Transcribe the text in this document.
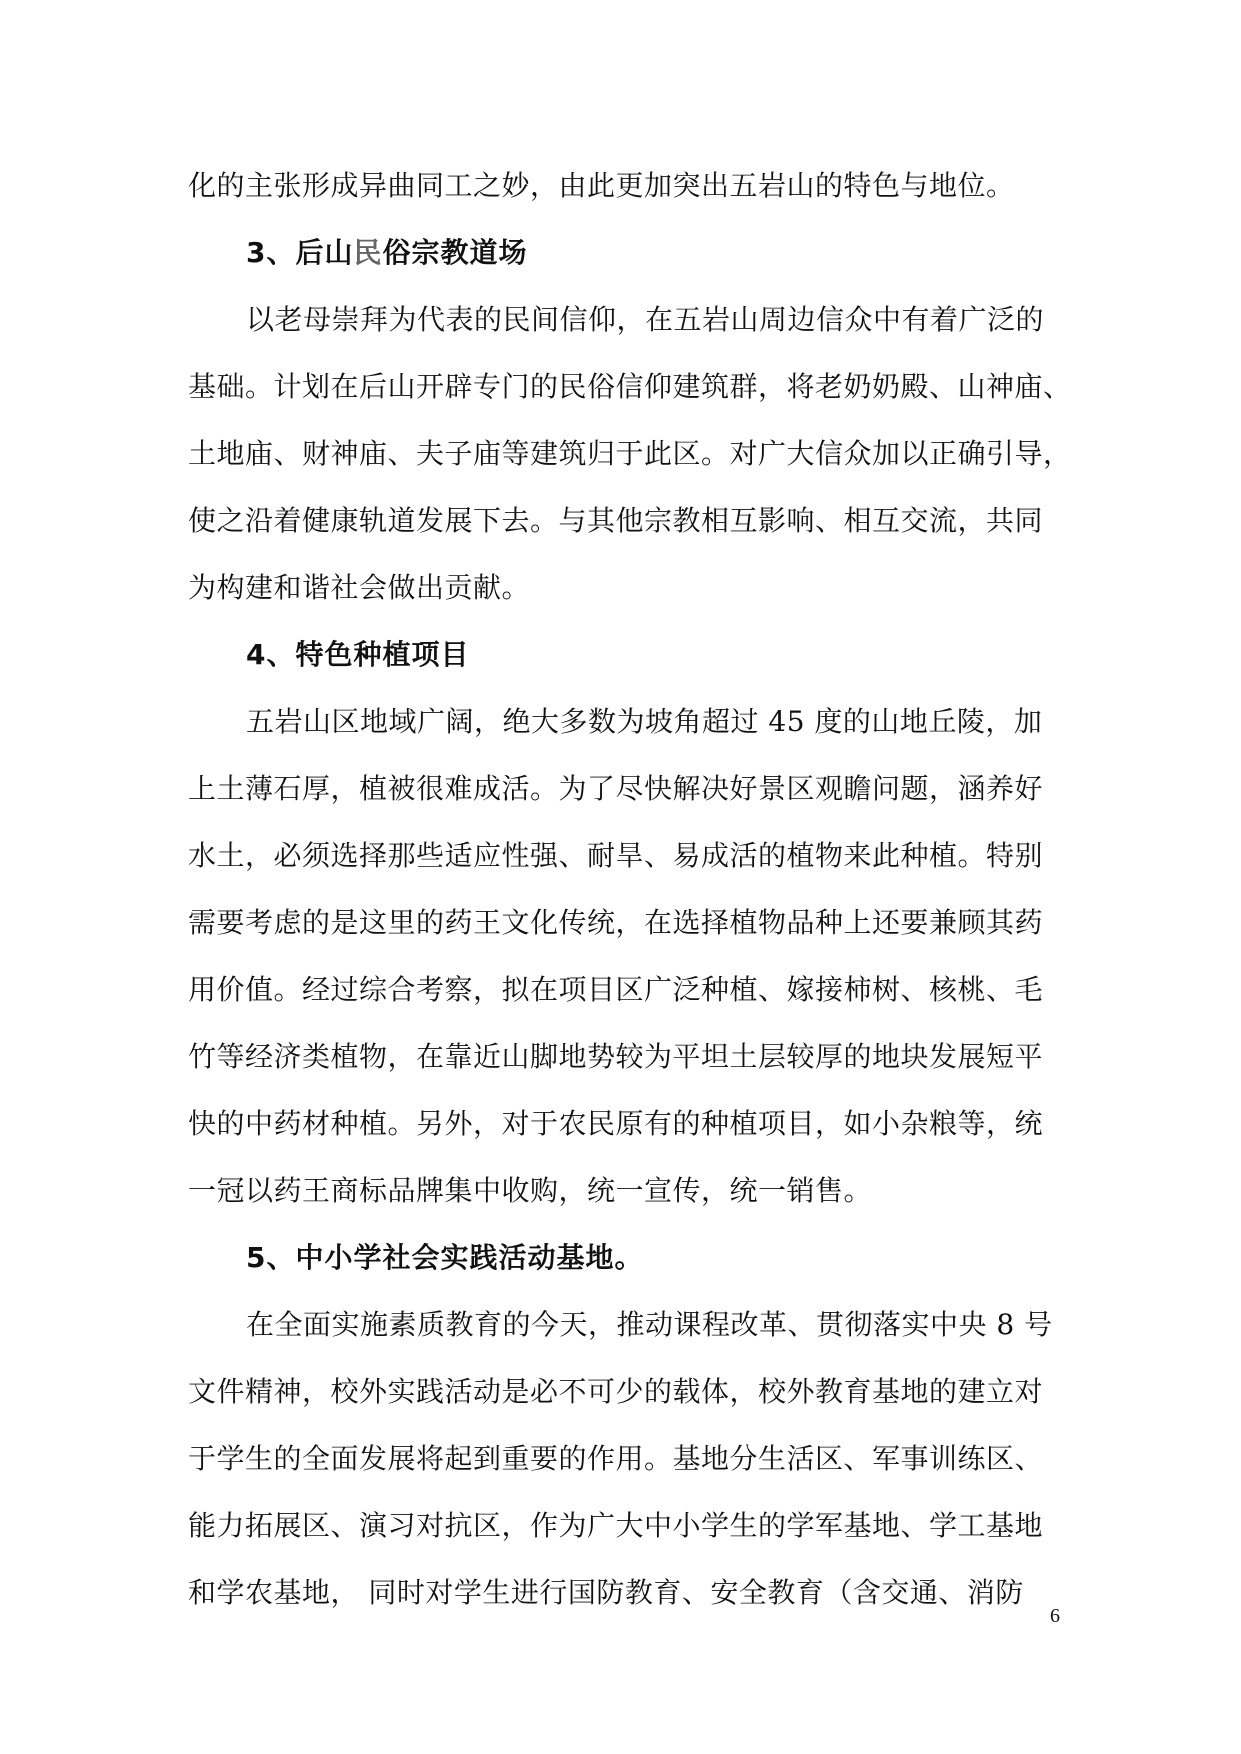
化的主张形成异曲同工之妙，由此更加突出五岩山的特色与地位。
3、后山民俗宗教道场
以老母崇拜为代表的民间信仰，在五岩山周边信众中有着广泛的
基础。计划在后山开辟专门的民俗信仰建筑群，将老奶奶殿、山神庙、
土地庙、财神庙、夫子庙等建筑归于此区。对广大信众加以正确引导，
使之沿着健康轨道发展下去。与其他宗教相互影响、相互交流，共同
为构建和谐社会做出贡献。
4、特色种植项目
五岩山区地域广阔，绝大多数为坡角超过 45 度的山地丘陵，加
上土薄石厚，植被很难成活。为了尽快解决好景区观瞻问题，涵养好
水土，必须选择那些适应性强、耐旱、易成活的植物来此种植。特别
需要考虑的是这里的药王文化传统，在选择植物品种上还要兼顾其药
用价值。经过综合考察，拟在项目区广泛种植、嫁接柿树、核桃、毛
竹等经济类植物，在靠近山脚地势较为平坦土层较厚的地块发展短平
快的中药材种植。另外，对于农民原有的种植项目，如小杂粮等，统
一冠以药王商标品牌集中收购，统一宣传，统一销售。
5、中小学社会实践活动基地。
在全面实施素质教育的今天，推动课程改革、贯彻落实中央 8 号
文件精神，校外实践活动是必不可少的载体，校外教育基地的建立对
于学生的全面发展将起到重要的作用。基地分生活区、军事训练区、
能力拓展区、演习对抗区，作为广大中小学生的学军基地、学工基地
和学农基地， 同时对学生进行国防教育、安全教育（含交通、消防
6
